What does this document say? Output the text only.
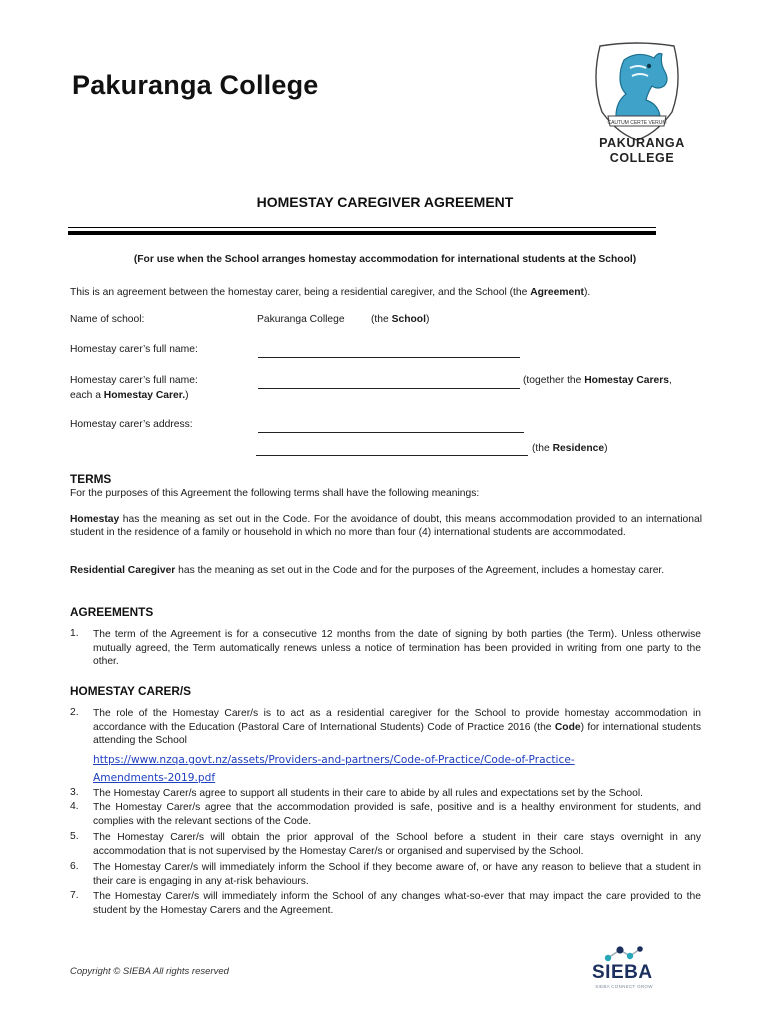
Pakuranga College
CAUTUM CERTE VERUM
PAKURANGA
COLLEGE
HOMESTAY CAREGIVER AGREEMENT
(For use when the School arranges homestay accommodation for international students at the School)
This is an agreement between the homestay carer, being a residential caregiver, and the School (the Agreement).
Name of school:	Pakuranga College	(the School)
Homestay carer’s full name:
Homestay carer’s full name:	(together the Homestay Carers,
each a Homestay Carer.)
Homestay carer’s address:
(the Residence)
TERMS
For the purposes of this Agreement the following terms shall have the following meanings:
Homestay has the meaning as set out in the Code. For the avoidance of doubt, this means accommodation provided to an international student in the residence of a family or household in which no more than four (4) international students are accommodated.
Residential Caregiver has the meaning as set out in the Code and for the purposes of the Agreement, includes a homestay carer.
AGREEMENTS
1. The term of the Agreement is for a consecutive 12 months from the date of signing by both parties (the Term). Unless otherwise mutually agreed, the Term automatically renews unless a notice of termination has been provided in writing from one party to the other.
HOMESTAY CARER/S
2. The role of the Homestay Carer/s is to act as a residential caregiver for the School to provide homestay accommodation in accordance with the Education (Pastoral Care of International Students) Code of Practice 2016 (the Code) for international students attending the School
https://www.nzqa.govt.nz/assets/Providers-and-partners/Code-of-Practice/Code-of-Practice-
Amendments-2019.pdf
3. The Homestay Carer/s agree to support all students in their care to abide by all rules and expectations set by the School.
4. The Homestay Carer/s agree that the accommodation provided is safe, positive and is a healthy environment for students, and complies with the relevant sections of the Code.
5. The Homestay Carer/s will obtain the prior approval of the School before a student in their care stays overnight in any accommodation that is not supervised by the Homestay Carer/s or organised and supervised by the School.
6. The Homestay Carer/s will immediately inform the School if they become aware of, or have any reason to believe that a student in their care is engaging in any at-risk behaviours.
7. The Homestay Carer/s will immediately inform the School of any changes what-so-ever that may impact the care provided to the student by the Homestay Carers and the Agreement.
Copyright © SIEBA All rights reserved	SIEBA
SIEBA CONNECT GROW
